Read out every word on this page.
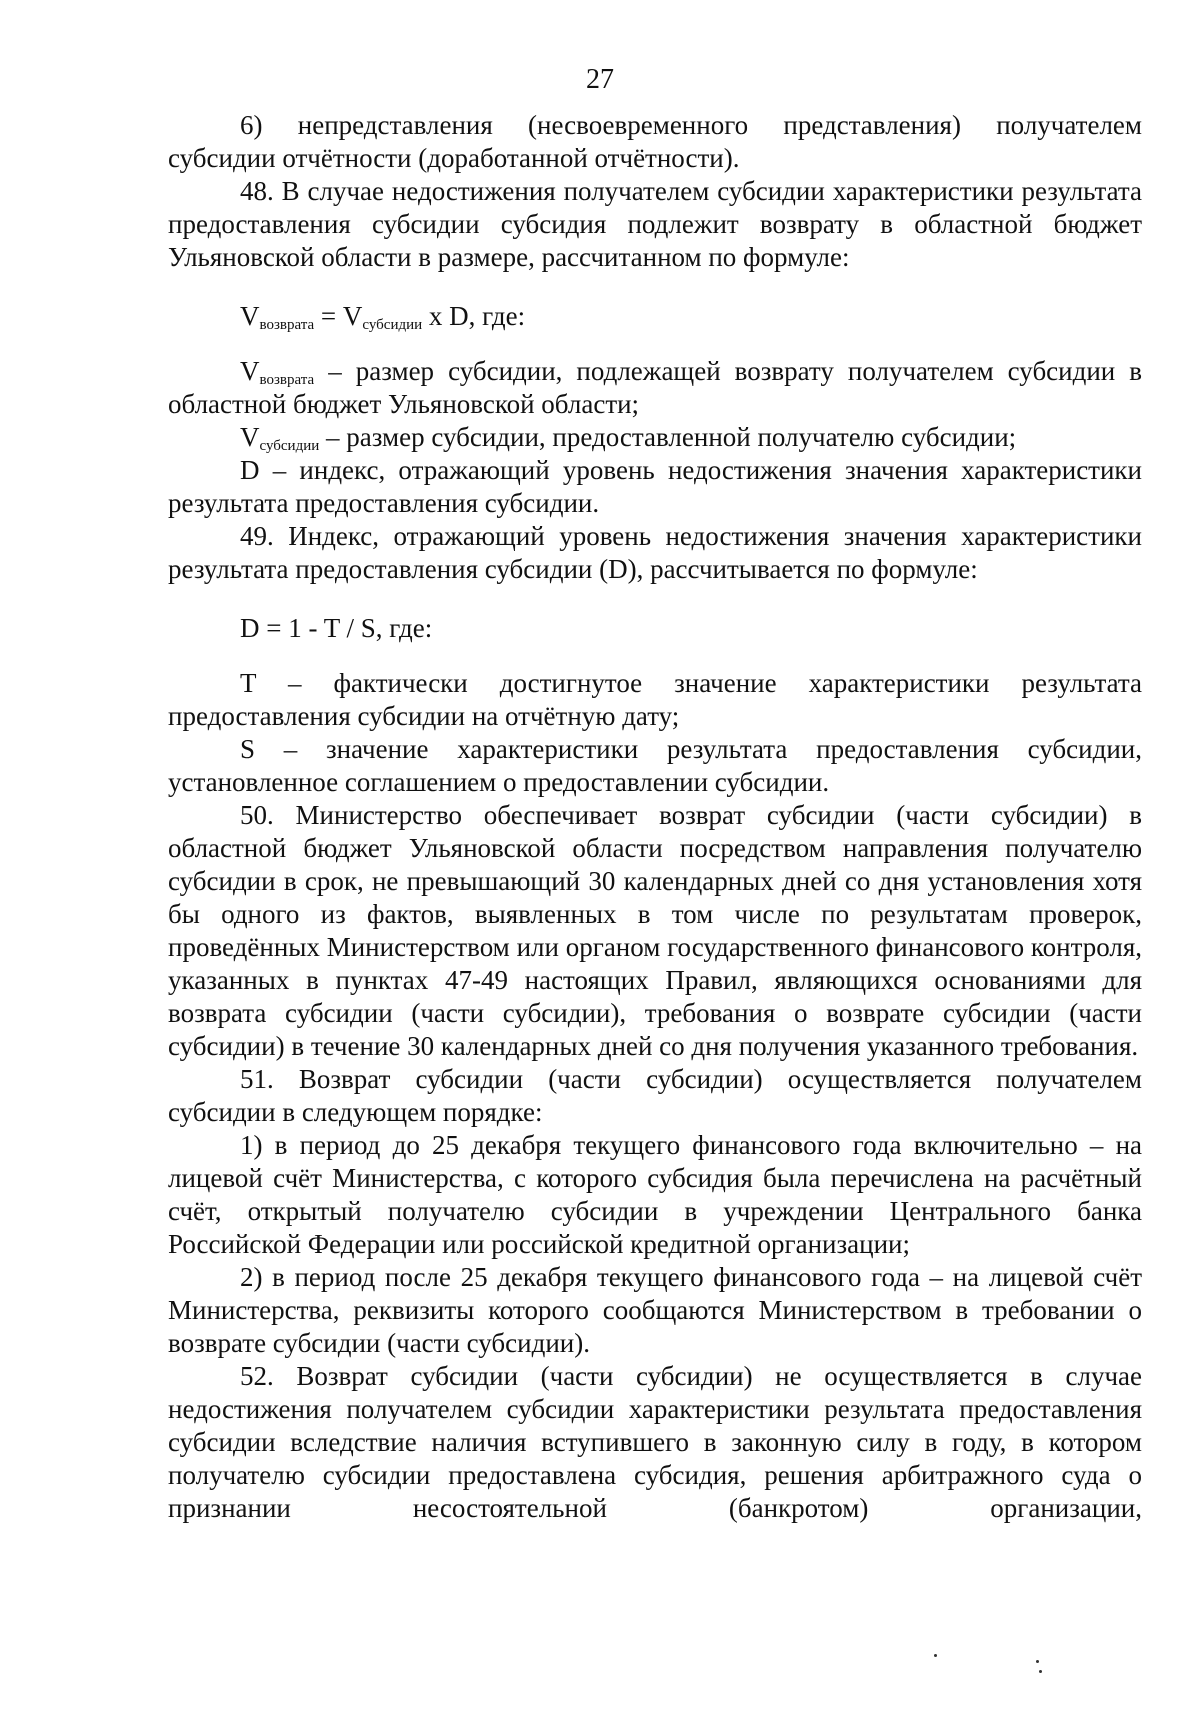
27

6) непредставления (несвоевременного представления) получателем субсидии отчётности (доработанной отчётности).

48. В случае недостижения получателем субсидии характеристики результата предоставления субсидии субсидия подлежит возврату в областной бюджет Ульяновской области в размере, рассчитанном по формуле:

$V_{возврата} = V_{субсидии}$ x D, где:

$V_{возврата}$ – размер субсидии, подлежащей возврату получателем субсидии в областной бюджет Ульяновской области;

$V_{субсидии}$ – размер субсидии, предоставленной получателю субсидии;

D – индекс, отражающий уровень недостижения значения характеристики результата предоставления субсидии.

49. Индекс, отражающий уровень недостижения значения характеристики результата предоставления субсидии (D), рассчитывается по формуле:

D = 1 - T / S, где:

T – фактически достигнутое значение характеристики результата предоставления субсидии на отчётную дату;

S – значение характеристики результата предоставления субсидии, установленное соглашением о предоставлении субсидии.

50. Министерство обеспечивает возврат субсидии (части субсидии) в областной бюджет Ульяновской области посредством направления получателю субсидии в срок, не превышающий 30 календарных дней со дня установления хотя бы одного из фактов, выявленных в том числе по результатам проверок, проведённых Министерством или органом государственного финансового контроля, указанных в пунктах 47-49 настоящих Правил, являющихся основаниями для возврата субсидии (части субсидии), требования о возврате субсидии (части субсидии) в течение 30 календарных дней со дня получения указанного требования.

51. Возврат субсидии (части субсидии) осуществляется получателем субсидии в следующем порядке:

1) в период до 25 декабря текущего финансового года включительно – на лицевой счёт Министерства, с которого субсидия была перечислена на расчётный счёт, открытый получателю субсидии в учреждении Центрального банка Российской Федерации или российской кредитной организации;

2) в период после 25 декабря текущего финансового года – на лицевой счёт Министерства, реквизиты которого сообщаются Министерством в требовании о возврате субсидии (части субсидии).

52. Возврат субсидии (части субсидии) не осуществляется в случае недостижения получателем субсидии характеристики результата предоставления субсидии вследствие наличия вступившего в законную силу в году, в котором получателю субсидии предоставлена субсидия, решения арбитражного суда о признании несостоятельной (банкротом) организации,
